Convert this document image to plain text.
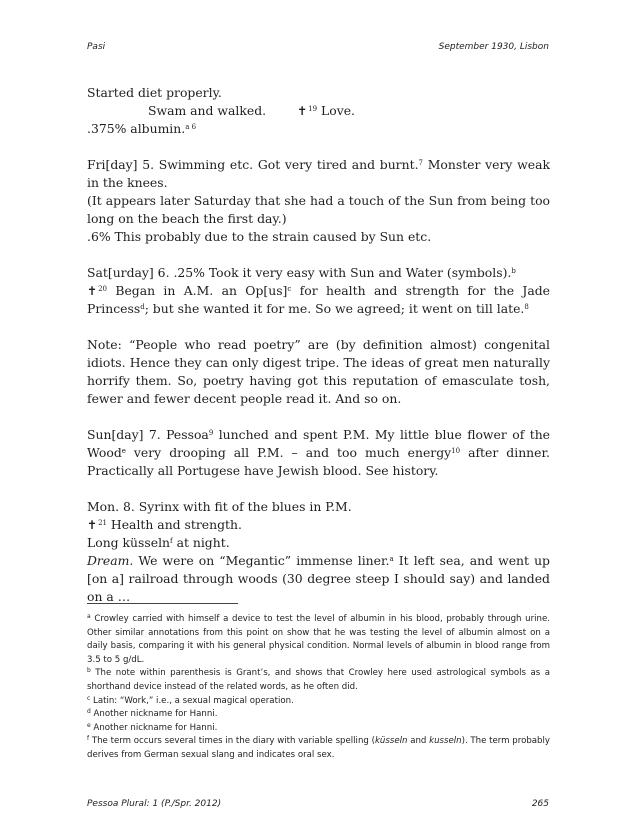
Pasi	September 1930, Lisbon

Started diet properly.

Swam and walked.	✝$^{19}$ Love.

.375% albumin.$^{a 6}$

Fri[day] 5. Swimming etc. Got very tired and burnt.$^7$ Monster very weak in the knees.

(It appears later Saturday that she had a touch of the Sun from being too long on the beach the first day.)

.6% This probably due to the strain caused by Sun etc.

Sat[urday] 6. .25% Took it very easy with Sun and Water (symbols).$^b$

✝$^{20}$ Began in A.M. an Op[us]$^c$ for health and strength for the Jade Princess$^d$; but she wanted it for me. So we agreed; it went on till late.$^8$

Note: “People who read poetry” are (by definition almost) congenital idiots. Hence they can only digest tripe. The ideas of great men naturally horrify them. So, poetry having got this reputation of emasculate tosh, fewer and fewer decent people read it. And so on.

Sun[day] 7. Pessoa$^9$ lunched and spent P.M. My little blue flower of the Wood$^e$ very drooping all P.M. – and too much energy$^{10}$ after dinner. Practically all Portugese have Jewish blood. See history.

Mon. 8. Syrinx with fit of the blues in P.M.

✝$^{21}$ Health and strength.

Long küsseln$^f$ at night.

Dream. We were on “Megantic” immense liner.$^a$ It left sea, and went up [on a] railroad through woods (30 degree steep I should say) and landed on a …

$^a$ Crowley carried with himself a device to test the level of albumin in his blood, probably through urine. Other similar annotations from this point on show that he was testing the level of albumin almost on a daily basis, comparing it with his general physical condition. Normal levels of albumin in blood range from 3.5 to 5 g/dL.

$^b$ The note within parenthesis is Grant’s, and shows that Crowley here used astrological symbols as a shorthand device instead of the related words, as he often did.

$^c$ Latin: “Work,” i.e., a sexual magical operation.

$^d$ Another nickname for Hanni.

$^e$ Another nickname for Hanni.

$^f$ The term occurs several times in the diary with variable spelling (küsseln and kusseln). The term probably derives from German sexual slang and indicates oral sex.

Pessoa Plural: 1 (P./Spr. 2012)	265
